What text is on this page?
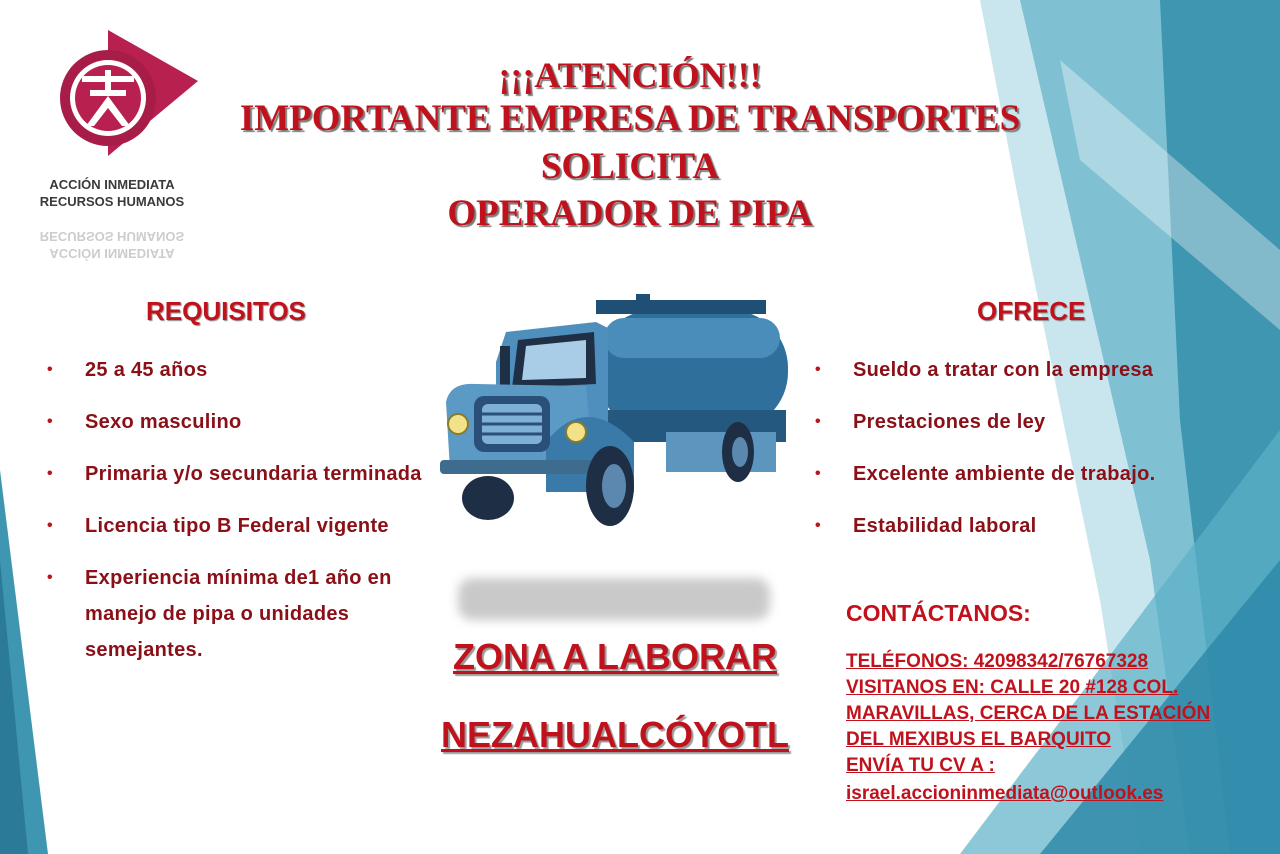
ACCIÓN INMEDIATA
RECURSOS HUMANOS
ACCIÓN INMEDIATA
RECURSOS HUMANOS
¡¡¡ATENCIÓN!!!
IMPORTANTE EMPRESA DE TRANSPORTES
SOLICITA
OPERADOR DE PIPA
REQUISITOS
• 25 a 45 años
• Sexo masculino
• Primaria y/o secundaria terminada
• Licencia tipo B Federal vigente
• Experiencia mínima de1 año en manejo de pipa o unidades semejantes.	ZONA A LABORAR
NEZAHUALCÓYOTL
OFRECE
• Sueldo a tratar con la empresa
• Prestaciones de ley
• Excelente ambiente de trabajo.
• Estabilidad laboral
CONTÁCTANOS:
TELÉFONOS: 42098342/76767328
VISITANOS EN: CALLE 20 #128 COL.
MARAVILLAS, CERCA DE LA ESTACIÓN
DEL MEXIBUS EL BARQUITO
ENVÍA TU CV A :
israel.accioninmediata@outlook.es
